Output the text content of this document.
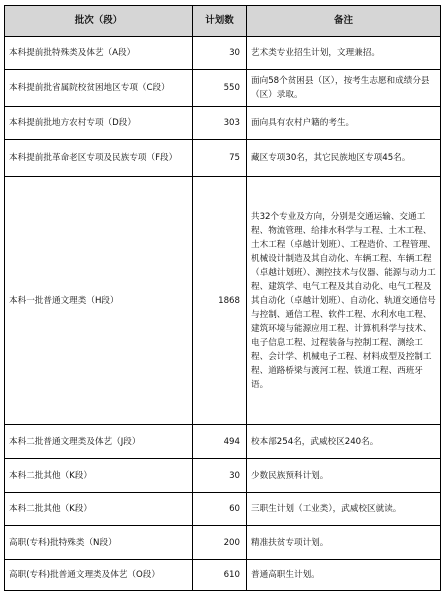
批次（段）	计划数	备注
本科提前批特殊类及体艺（A段）	30	艺术类专业招生计划，文理兼招。
本科提前批省属院校贫困地区专项（C段）	550	面向58个贫困县（区），按考生志愿和成绩分县（区）录取。
本科提前批地方农村专项（D段）	303	面向具有农村户籍的考生。
本科提前批革命老区专项及民族专项（F段）	75	藏区专项30名，其它民族地区专项45名。
本科一批普通文理类（H段）	1868	共32个专业及方向，分别是交通运输、交通工程、物流管理、给排水科学与工程、土木工程、土木工程（卓越计划班）、工程造价、工程管理、机械设计制造及其自动化、车辆工程、车辆工程（卓越计划班）、测控技术与仪器、能源与动力工程、建筑学、电气工程及其自动化、电气工程及其自动化（卓越计划班）、自动化、轨道交通信号与控制、通信工程、软件工程、水利水电工程、建筑环境与能源应用工程、计算机科学与技术、电子信息工程、过程装备与控制工程、测绘工程、会计学、机械电子工程、材料成型及控制工程、道路桥梁与渡河工程、铁道工程、西班牙语。
本科二批普通文理类及体艺（J段）	494	校本部254名，武威校区240名。
本科二批其他（K段）	30	少数民族预科计划。
本科二批其他（K段）	60	三职生计划（工业类），武威校区就读。
高职(专科)批特殊类（N段）	200	精准扶贫专项计划。
高职(专科)批普通文理类及体艺（O段）	610	普通高职生计划。
